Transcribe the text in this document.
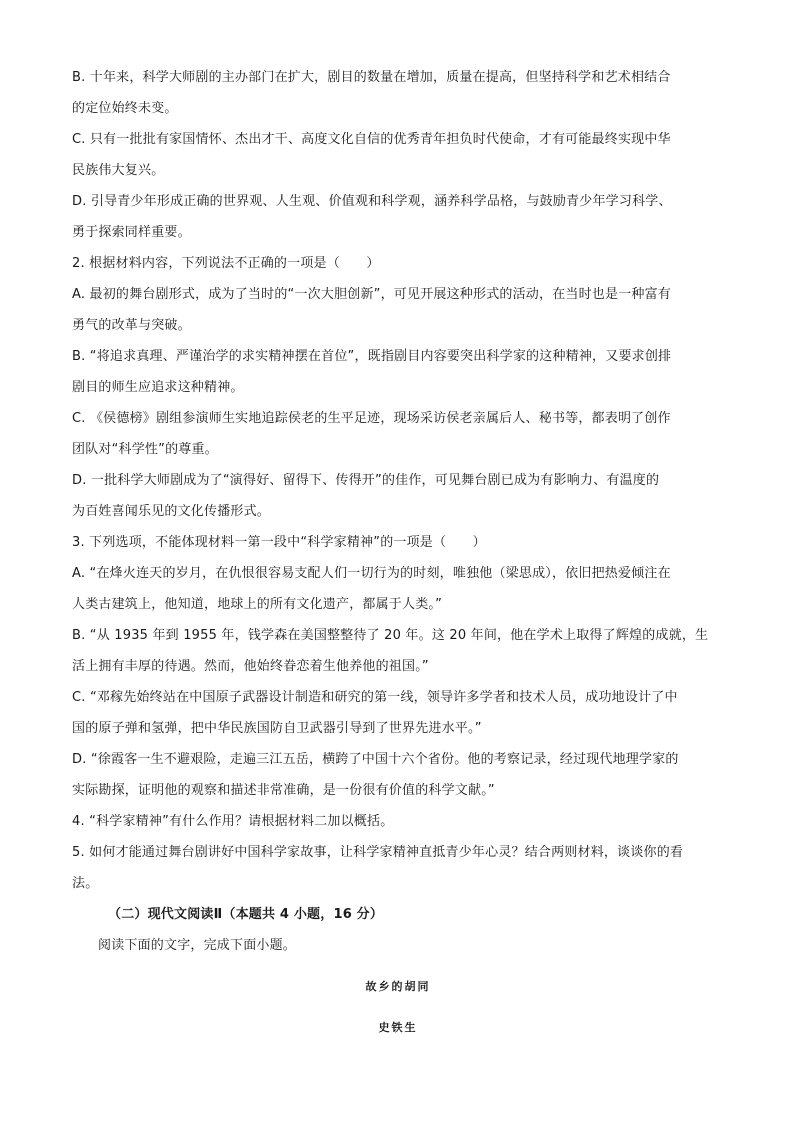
B. 十年来，科学大师剧的主办部门在扩大，剧目的数量在增加，质量在提高，但坚持科学和艺术相结合
的定位始终未变。
C. 只有一批批有家国情怀、杰出才干、高度文化自信的优秀青年担负时代使命，才有可能最终实现中华
民族伟大复兴。
D. 引导青少年形成正确的世界观、人生观、价值观和科学观，涵养科学品格，与鼓励青少年学习科学、
勇于探索同样重要。
2. 根据材料内容，下列说法不正确的一项是（　　）
A. 最初的舞台剧形式，成为了当时的“一次大胆创新”，可见开展这种形式的活动，在当时也是一种富有
勇气的改革与突破。
B. “将追求真理、严谨治学的求实精神摆在首位”，既指剧目内容要突出科学家的这种精神，又要求创排
剧目的师生应追求这种精神。
C. 《侯德榜》剧组参演师生实地追踪侯老的生平足迹，现场采访侯老亲属后人、秘书等，都表明了创作
团队对“科学性”的尊重。
D. 一批科学大师剧成为了“演得好、留得下、传得开”的佳作，可见舞台剧已成为有影响力、有温度的
为百姓喜闻乐见的文化传播形式。
3. 下列选项，不能体现材料一第一段中“科学家精神”的一项是（　　）
A. “在烽火连天的岁月，在仇恨很容易支配人们一切行为的时刻，唯独他（梁思成），依旧把热爱倾注在
人类古建筑上，他知道，地球上的所有文化遗产，都属于人类。”
B. “从 1935 年到 1955 年，钱学森在美国整整待了 20 年。这 20 年间，他在学术上取得了辉煌的成就，生
活上拥有丰厚的待遇。然而，他始终眷恋着生他养他的祖国。”
C. “邓稼先始终站在中国原子武器设计制造和研究的第一线，领导许多学者和技术人员，成功地设计了中
国的原子弹和氢弹，把中华民族国防自卫武器引导到了世界先进水平。”
D. “徐霞客一生不避艰险，走遍三江五岳，横跨了中国十六个省份。他的考察记录，经过现代地理学家的
实际勘探，证明他的观察和描述非常准确，是一份很有价值的科学文献。”
4. “科学家精神”有什么作用？请根据材料二加以概括。
5. 如何才能通过舞台剧讲好中国科学家故事，让科学家精神直抵青少年心灵？结合两则材料，谈谈你的看
法。
（二）现代文阅读Ⅱ（本题共 4 小题，16 分）
阅读下面的文字，完成下面小题。
故乡的胡同
史铁生
